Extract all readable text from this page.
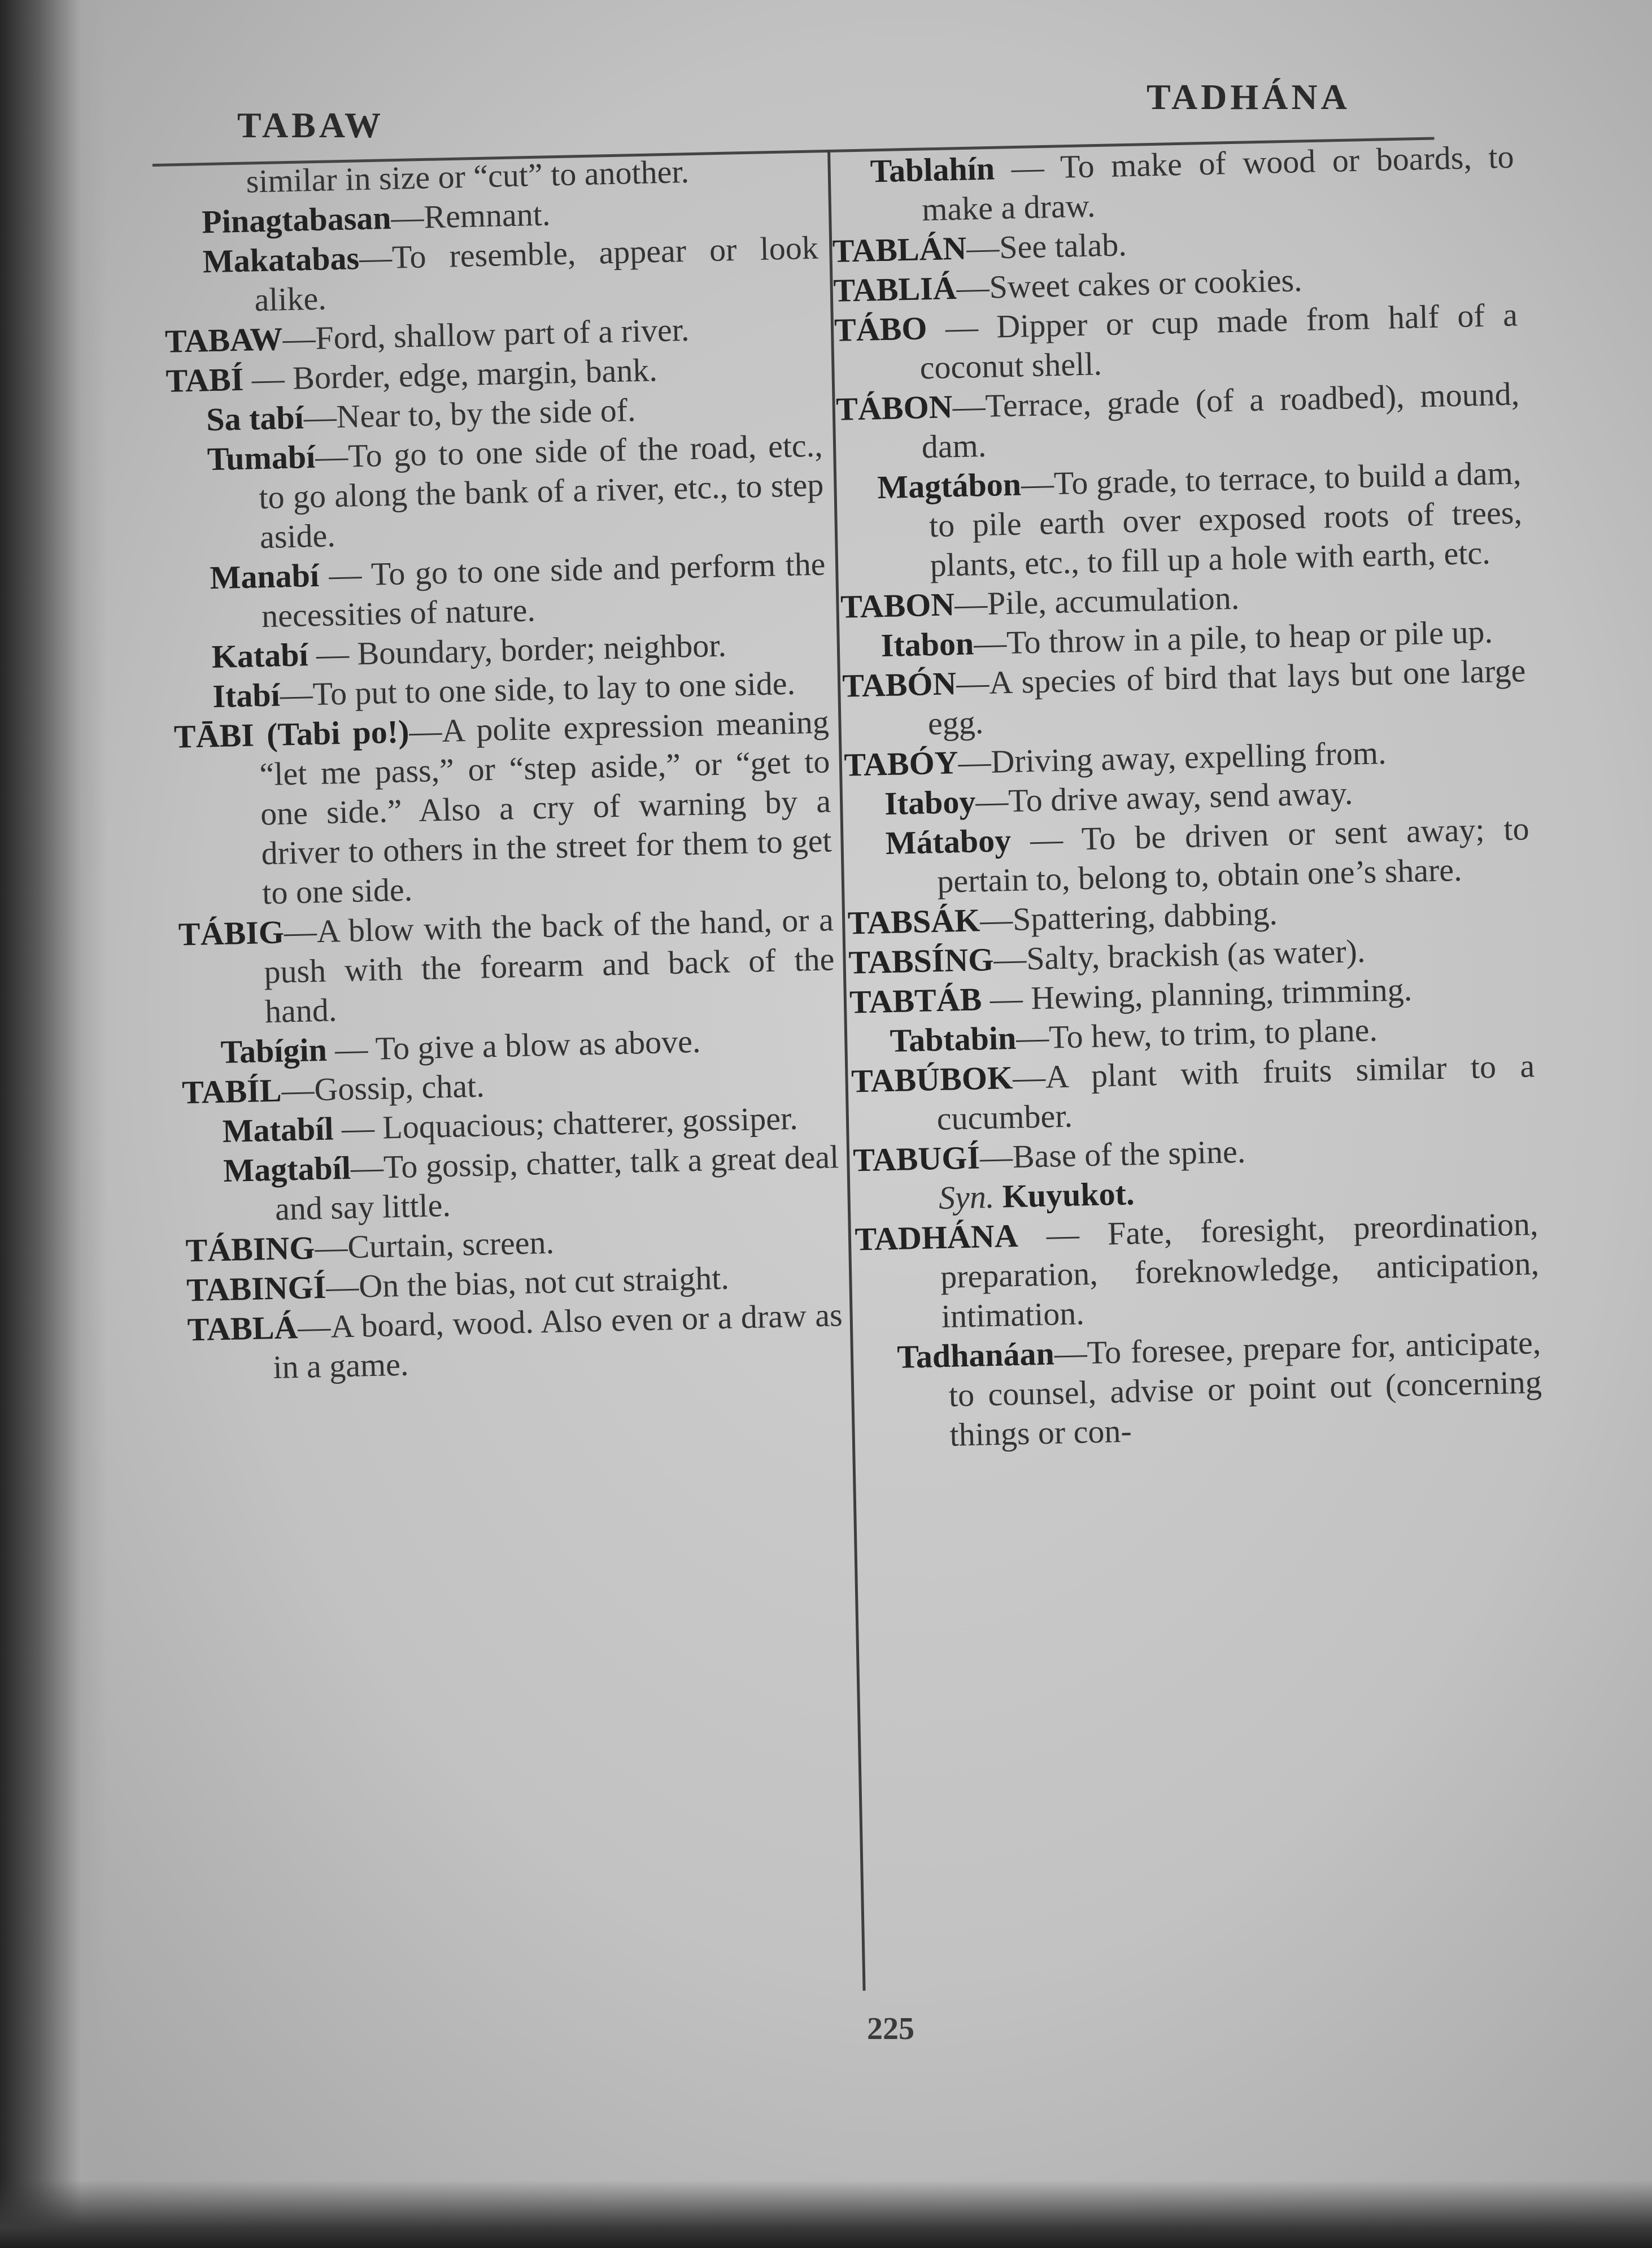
TABAW
TADHÁNA

similar in size or “cut” to another.

Pinagtabasan—Remnant.

Makatabas—To resemble, appear or look alike.

TABAW—Ford, shallow part of a river.

TABÍ — Border, edge, margin, bank.

Sa tabí—Near to, by the side of.

Tumabí—To go to one side of the road, etc., to go along the bank of a river, etc., to step aside.

Manabí — To go to one side and perform the necessities of nature.

Katabí — Boundary, border; neighbor.

Itabí—To put to one side, to lay to one side.

TĀBI (Tabi po!)—A polite expression meaning “let me pass,” or “step aside,” or “get to one side.” Also a cry of warning by a driver to others in the street for them to get to one side.

TÁBIG—A blow with the back of the hand, or a push with the forearm and back of the hand.

Tabígin — To give a blow as above.

TABÍL—Gossip, chat.

Matabíl — Loquacious; chatterer, gossiper.

Magtabíl—To gossip, chatter, talk a great deal and say little.

TÁBING—Curtain, screen.

TABINGÍ—On the bias, not cut straight.

TABLÁ—A board, wood. Also even or a draw as in a game.

Tablahín — To make of wood or boards, to make a draw.

TABLÁN—See talab.

TABLIÁ—Sweet cakes or cookies.

TÁBO — Dipper or cup made from half of a coconut shell.

TÁBON—Terrace, grade (of a roadbed), mound, dam.

Magtábon—To grade, to terrace, to build a dam, to pile earth over exposed roots of trees, plants, etc., to fill up a hole with earth, etc.

TABON—Pile, accumulation.

Itabon—To throw in a pile, to heap or pile up.

TABÓN—A species of bird that lays but one large egg.

TABÓY—Driving away, expelling from.

Itaboy—To drive away, send away.

Mátaboy — To be driven or sent away; to pertain to, belong to, obtain one’s share.

TABSÁK—Spattering, dabbing.

TABSÍNG—Salty, brackish (as water).

TABTÁB — Hewing, planning, trimming.

Tabtabin—To hew, to trim, to plane.

TABÚBOK—A plant with fruits similar to a cucumber.

TABUGÍ—Base of the spine.

Syn. Kuyukot.

TADHÁNA — Fate, foresight, preordination, preparation, foreknowledge, anticipation, intimation.

Tadhanáan—To foresee, prepare for, anticipate, to counsel, advise or point out (concerning things or con-

225
